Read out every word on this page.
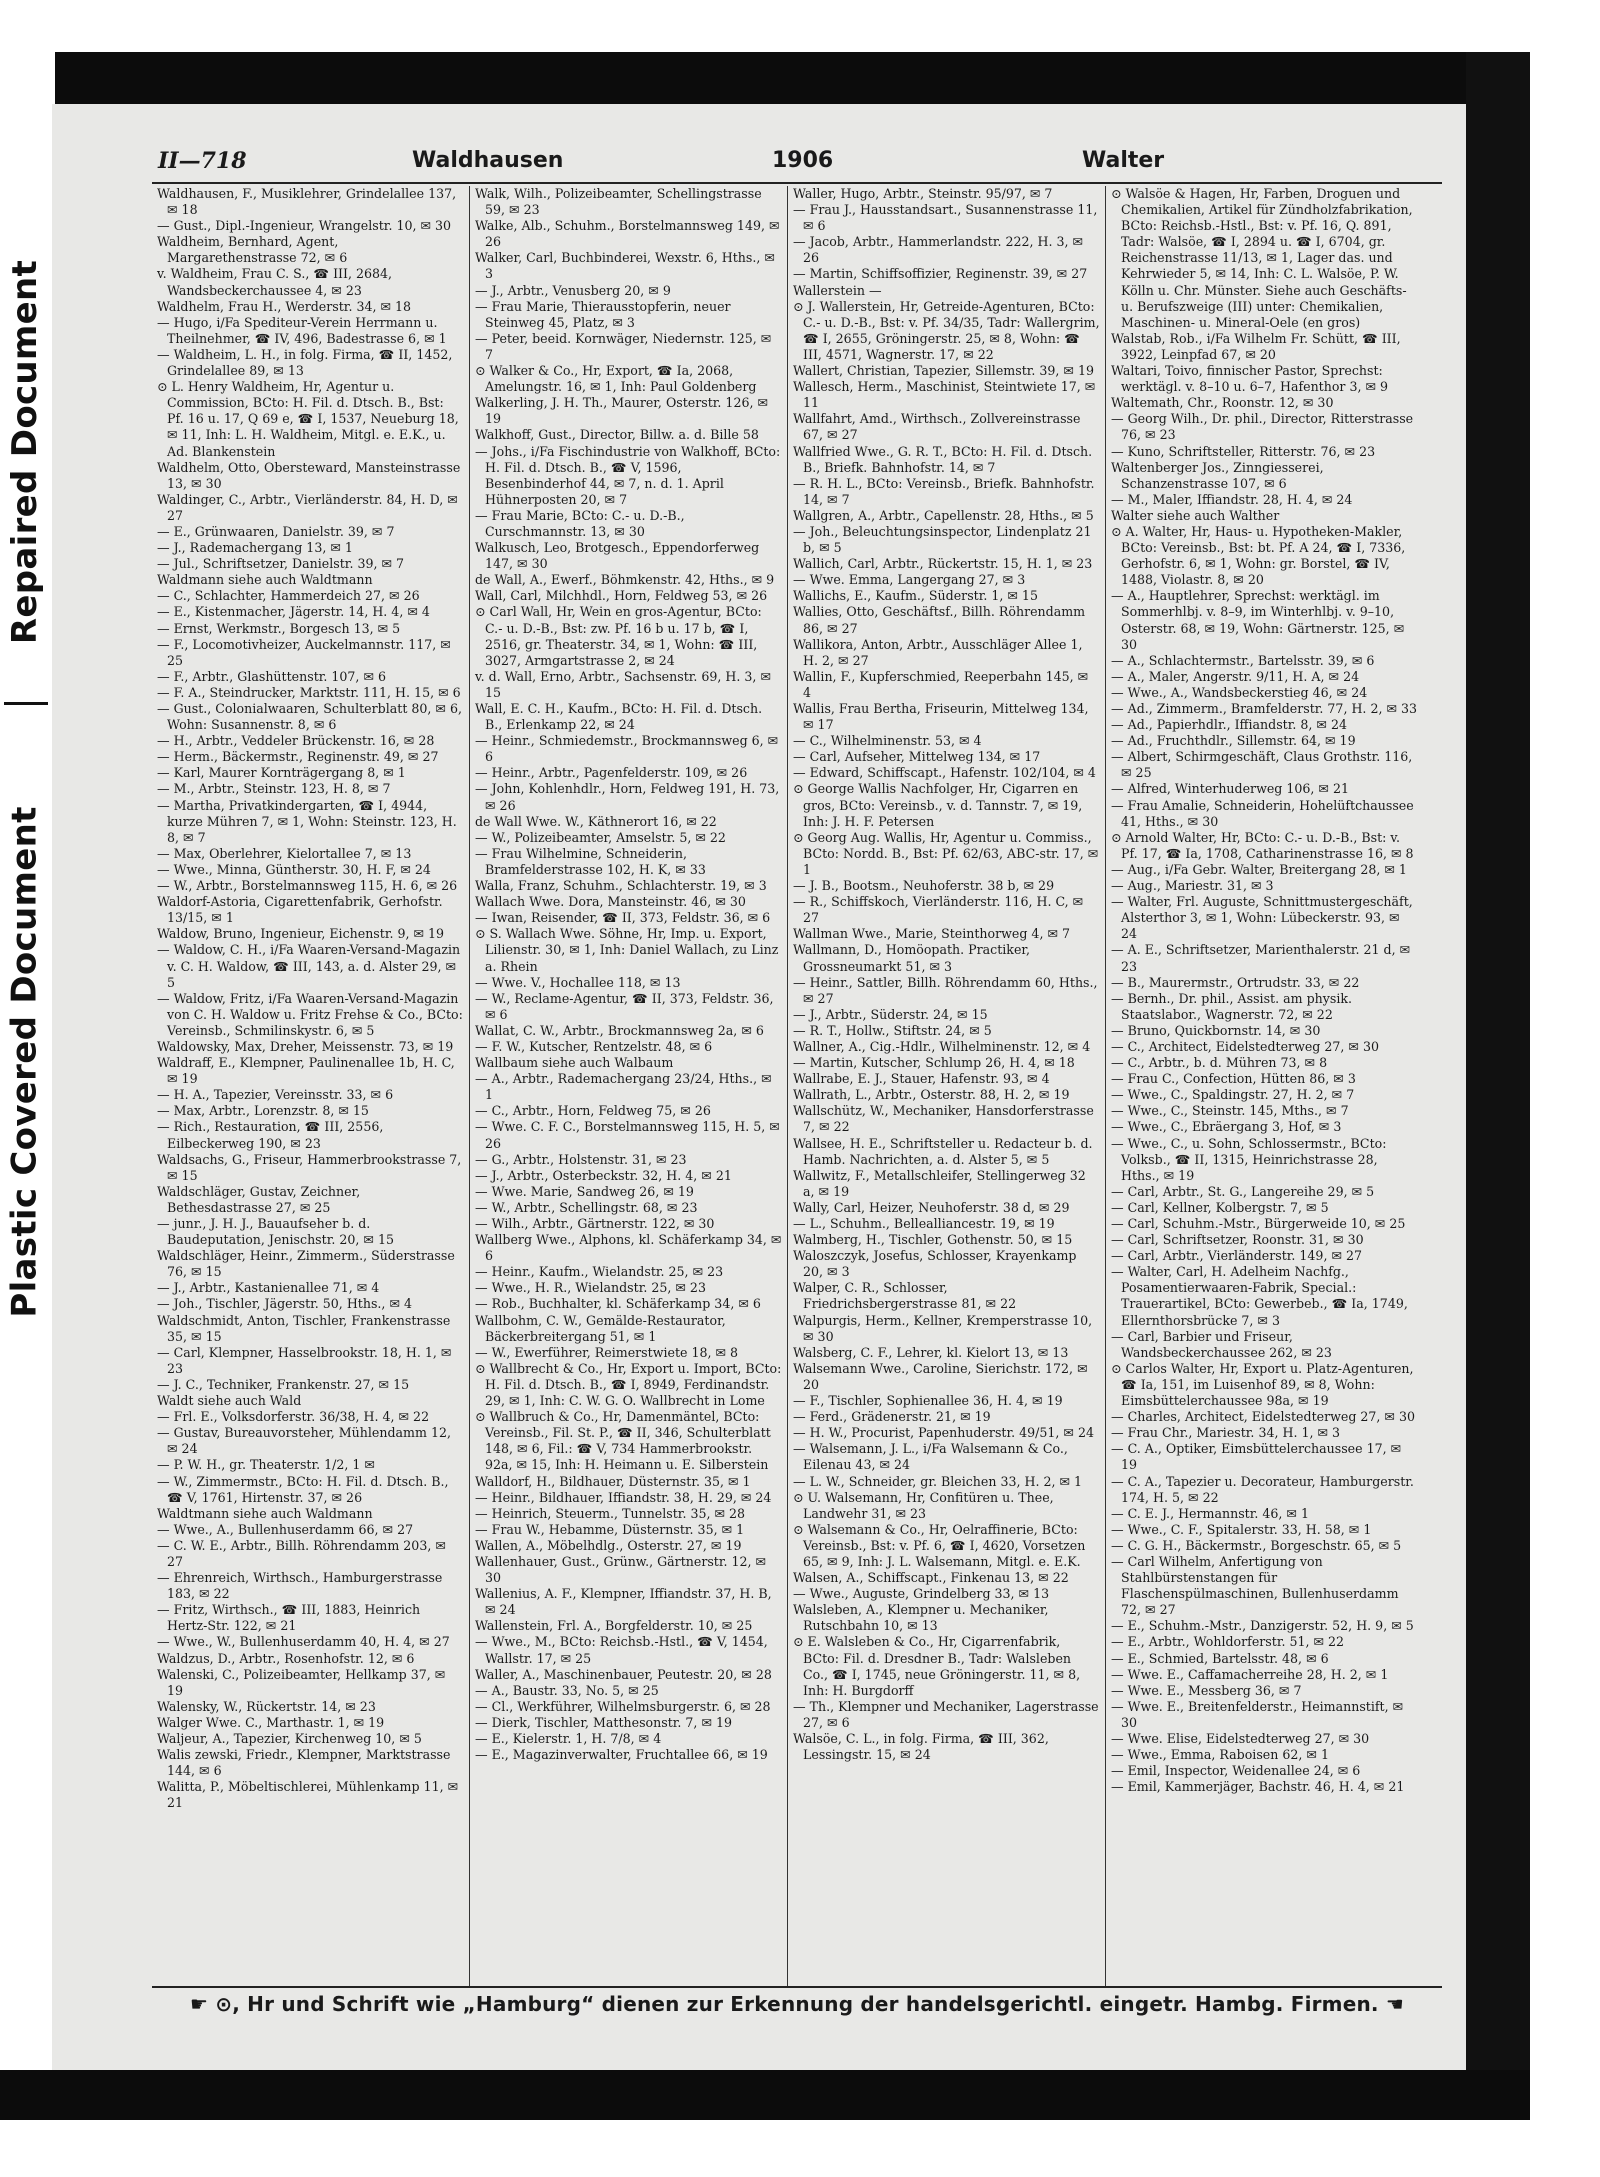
Repaired Document
Plastic Covered Document
II—718	Waldhausen	1906	Walter

Waldhausen, F., Musiklehrer, Grindelallee 137, ✉ 18

— Gust., Dipl.-Ingenieur, Wrangelstr. 10, ✉ 30

Waldheim, Bernhard, Agent, Margarethenstrasse 72, ✉ 6

v. Waldheim, Frau C. S., ☎ III, 2684, Wandsbeckerchaussee 4, ✉ 23

Waldhelm, Frau H., Werderstr. 34, ✉ 18

— Hugo, i/Fa Spediteur-Verein Herrmann u. Theilnehmer, ☎ IV, 496, Badestrasse 6, ✉ 1

— Waldheim, L. H., in folg. Firma, ☎ II, 1452, Grindelallee 89, ✉ 13

⊙ L. Henry Waldheim, Hr, Agentur u. Commission, BCto: H. Fil. d. Dtsch. B., Bst: Pf. 16 u. 17, Q 69 e, ☎ I, 1537, Neueburg 18, ✉ 11, Inh: L. H. Waldheim, Mitgl. e. E.K., u. Ad. Blankenstein

Waldhelm, Otto, Obersteward, Mansteinstrasse 13, ✉ 30

Waldinger, C., Arbtr., Vierländerstr. 84, H. D, ✉ 27

— E., Grünwaaren, Danielstr. 39, ✉ 7

— J., Rademachergang 13, ✉ 1

— Jul., Schriftsetzer, Danielstr. 39, ✉ 7

Waldmann siehe auch Waldtmann

— C., Schlachter, Hammerdeich 27, ✉ 26

— E., Kistenmacher, Jägerstr. 14, H. 4, ✉ 4

— Ernst, Werkmstr., Borgesch 13, ✉ 5

— F., Locomotivheizer, Auckelmannstr. 117, ✉ 25

— F., Arbtr., Glashüttenstr. 107, ✉ 6

— F. A., Steindrucker, Marktstr. 111, H. 15, ✉ 6

— Gust., Colonialwaaren, Schulterblatt 80, ✉ 6, Wohn: Susannenstr. 8, ✉ 6

— H., Arbtr., Veddeler Brückenstr. 16, ✉ 28

— Herm., Bäckermstr., Reginenstr. 49, ✉ 27

— Karl, Maurer Kornträgergang 8, ✉ 1

— M., Arbtr., Steinstr. 123, H. 8, ✉ 7

— Martha, Privatkindergarten, ☎ I, 4944, kurze Mühren 7, ✉ 1, Wohn: Steinstr. 123, H. 8, ✉ 7

— Max, Oberlehrer, Kielortallee 7, ✉ 13

— Wwe., Minna, Güntherstr. 30, H. F, ✉ 24

— W., Arbtr., Borstelmannsweg 115, H. 6, ✉ 26

Waldorf-Astoria, Cigarettenfabrik, Gerhofstr. 13/15, ✉ 1

Waldow, Bruno, Ingenieur, Eichenstr. 9, ✉ 19

— Waldow, C. H., i/Fa Waaren-Versand-Magazin v. C. H. Waldow, ☎ III, 143, a. d. Alster 29, ✉ 5

— Waldow, Fritz, i/Fa Waaren-Versand-Magazin von C. H. Waldow u. Fritz Frehse & Co., BCto: Vereinsb., Schmilinskystr. 6, ✉ 5

Waldowsky, Max, Dreher, Meissenstr. 73, ✉ 19

Waldraff, E., Klempner, Paulinenallee 1b, H. C, ✉ 19

— H. A., Tapezier, Vereinsstr. 33, ✉ 6

— Max, Arbtr., Lorenzstr. 8, ✉ 15

— Rich., Restauration, ☎ III, 2556, Eilbeckerweg 190, ✉ 23

Waldsachs, G., Friseur, Hammerbrookstrasse 7, ✉ 15

Waldschläger, Gustav, Zeichner, Bethesdastrasse 27, ✉ 25

— junr., J. H. J., Bauaufseher b. d. Baudeputation, Jenischstr. 20, ✉ 15

Waldschläger, Heinr., Zimmerm., Süderstrasse 76, ✉ 15

— J., Arbtr., Kastanienallee 71, ✉ 4

— Joh., Tischler, Jägerstr. 50, Hths., ✉ 4

Waldschmidt, Anton, Tischler, Frankenstrasse 35, ✉ 15

— Carl, Klempner, Hasselbrookstr. 18, H. 1, ✉ 23

— J. C., Techniker, Frankenstr. 27, ✉ 15

Waldt siehe auch Wald

— Frl. E., Volksdorferstr. 36/38, H. 4, ✉ 22

— Gustav, Bureauvorsteher, Mühlendamm 12, ✉ 24

— P. W. H., gr. Theaterstr. 1/2, 1 ✉

— W., Zimmermstr., BCto: H. Fil. d. Dtsch. B., ☎ V, 1761, Hirtenstr. 37, ✉ 26

Waldtmann siehe auch Waldmann

— Wwe., A., Bullenhuserdamm 66, ✉ 27

— C. W. E., Arbtr., Billh. Röhrendamm 203, ✉ 27

— Ehrenreich, Wirthsch., Hamburgerstrasse 183, ✉ 22

— Fritz, Wirthsch., ☎ III, 1883, Heinrich Hertz-Str. 122, ✉ 21

— Wwe., W., Bullenhuserdamm 40, H. 4, ✉ 27

Waldzus, D., Arbtr., Rosenhofstr. 12, ✉ 6

Walenski, C., Polizeibeamter, Hellkamp 37, ✉ 19

Walensky, W., Rückertstr. 14, ✉ 23

Walger Wwe. C., Marthastr. 1, ✉ 19

Waljeur, A., Tapezier, Kirchenweg 10, ✉ 5

Walis zewski, Friedr., Klempner, Marktstrasse 144, ✉ 6

Walitta, P., Möbeltischlerei, Mühlenkamp 11, ✉ 21

Walk, Wilh., Polizeibeamter, Schellingstrasse 59, ✉ 23

Walke, Alb., Schuhm., Borstelmannsweg 149, ✉ 26

Walker, Carl, Buchbinderei, Wexstr. 6, Hths., ✉ 3

— J., Arbtr., Venusberg 20, ✉ 9

— Frau Marie, Thierausstopferin, neuer Steinweg 45, Platz, ✉ 3

— Peter, beeid. Kornwäger, Niedernstr. 125, ✉ 7

⊙ Walker & Co., Hr, Export, ☎ Ia, 2068, Amelungstr. 16, ✉ 1, Inh: Paul Goldenberg

Walkerling, J. H. Th., Maurer, Osterstr. 126, ✉ 19

Walkhoff, Gust., Director, Billw. a. d. Bille 58

— Johs., i/Fa Fischindustrie von Walkhoff, BCto: H. Fil. d. Dtsch. B., ☎ V, 1596, Besenbinderhof 44, ✉ 7, n. d. 1. April Hühnerposten 20, ✉ 7

— Frau Marie, BCto: C.- u. D.-B., Curschmannstr. 13, ✉ 30

Walkusch, Leo, Brotgesch., Eppendorferweg 147, ✉ 30

de Wall, A., Ewerf., Böhmkenstr. 42, Hths., ✉ 9

Wall, Carl, Milchhdl., Horn, Feldweg 53, ✉ 26

⊙ Carl Wall, Hr, Wein en gros-Agentur, BCto: C.- u. D.-B., Bst: zw. Pf. 16 b u. 17 b, ☎ I, 2516, gr. Theaterstr. 34, ✉ 1, Wohn: ☎ III, 3027, Armgartstrasse 2, ✉ 24

v. d. Wall, Erno, Arbtr., Sachsenstr. 69, H. 3, ✉ 15

Wall, E. C. H., Kaufm., BCto: H. Fil. d. Dtsch. B., Erlenkamp 22, ✉ 24

— Heinr., Schmiedemstr., Brockmannsweg 6, ✉ 6

— Heinr., Arbtr., Pagenfelderstr. 109, ✉ 26

— John, Kohlenhdlr., Horn, Feldweg 191, H. 73, ✉ 26

de Wall Wwe. W., Käthnerort 16, ✉ 22

— W., Polizeibeamter, Amselstr. 5, ✉ 22

— Frau Wilhelmine, Schneiderin, Bramfelderstrasse 102, H. K, ✉ 33

Walla, Franz, Schuhm., Schlachterstr. 19, ✉ 3

Wallach Wwe. Dora, Mansteinstr. 46, ✉ 30

— Iwan, Reisender, ☎ II, 373, Feldstr. 36, ✉ 6

⊙ S. Wallach Wwe. Söhne, Hr, Imp. u. Export, Lilienstr. 30, ✉ 1, Inh: Daniel Wallach, zu Linz a. Rhein

— Wwe. V., Hochallee 118, ✉ 13

— W., Reclame-Agentur, ☎ II, 373, Feldstr. 36, ✉ 6

Wallat, C. W., Arbtr., Brockmannsweg 2a, ✉ 6

— F. W., Kutscher, Rentzelstr. 48, ✉ 6

Wallbaum siehe auch Walbaum

— A., Arbtr., Rademachergang 23/24, Hths., ✉ 1

— C., Arbtr., Horn, Feldweg 75, ✉ 26

— Wwe. C. F. C., Borstelmannsweg 115, H. 5, ✉ 26

— G., Arbtr., Holstenstr. 31, ✉ 23

— J., Arbtr., Osterbeckstr. 32, H. 4, ✉ 21

— Wwe. Marie, Sandweg 26, ✉ 19

— W., Arbtr., Schellingstr. 68, ✉ 23

— Wilh., Arbtr., Gärtnerstr. 122, ✉ 30

Wallberg Wwe., Alphons, kl. Schäferkamp 34, ✉ 6

— Heinr., Kaufm., Wielandstr. 25, ✉ 23

— Wwe., H. R., Wielandstr. 25, ✉ 23

— Rob., Buchhalter, kl. Schäferkamp 34, ✉ 6

Wallbohm, C. W., Gemälde-Restaurator, Bäckerbreitergang 51, ✉ 1

— W., Ewerführer, Reimerstwiete 18, ✉ 8

⊙ Wallbrecht & Co., Hr, Export u. Import, BCto: H. Fil. d. Dtsch. B., ☎ I, 8949, Ferdinandstr. 29, ✉ 1, Inh: C. W. G. O. Wallbrecht in Lome

⊙ Wallbruch & Co., Hr, Damenmäntel, BCto: Vereinsb., Fil. St. P., ☎ II, 346, Schulterblatt 148, ✉ 6, Fil.: ☎ V, 734 Hammerbrookstr. 92a, ✉ 15, Inh: H. Heimann u. E. Silberstein

Walldorf, H., Bildhauer, Düsternstr. 35, ✉ 1

— Heinr., Bildhauer, Iffiandstr. 38, H. 29, ✉ 24

— Heinrich, Steuerm., Tunnelstr. 35, ✉ 28

— Frau W., Hebamme, Düsternstr. 35, ✉ 1

Wallen, A., Möbelhdlg., Osterstr. 27, ✉ 19

Wallenhauer, Gust., Grünw., Gärtnerstr. 12, ✉ 30

Wallenius, A. F., Klempner, Iffiandstr. 37, H. B, ✉ 24

Wallenstein, Frl. A., Borgfelderstr. 10, ✉ 25

— Wwe., M., BCto: Reichsb.-Hstl., ☎ V, 1454, Wallstr. 17, ✉ 25

Waller, A., Maschinenbauer, Peutestr. 20, ✉ 28

— A., Baustr. 33, No. 5, ✉ 25

— Cl., Werkführer, Wilhelmsburgerstr. 6, ✉ 28

— Dierk, Tischler, Matthesonstr. 7, ✉ 19

— E., Kielerstr. 1, H. 7/8, ✉ 4

— E., Magazinverwalter, Fruchtallee 66, ✉ 19

Waller, Hugo, Arbtr., Steinstr. 95/97, ✉ 7

— Frau J., Hausstandsart., Susannenstrasse 11, ✉ 6

— Jacob, Arbtr., Hammerlandstr. 222, H. 3, ✉ 26

— Martin, Schiffsoffizier, Reginenstr. 39, ✉ 27

Wallerstein —

⊙ J. Wallerstein, Hr, Getreide-Agenturen, BCto: C.- u. D.-B., Bst: v. Pf. 34/35, Tadr: Wallergrim, ☎ I, 2655, Gröningerstr. 25, ✉ 8, Wohn: ☎ III, 4571, Wagnerstr. 17, ✉ 22

Wallert, Christian, Tapezier, Sillemstr. 39, ✉ 19

Wallesch, Herm., Maschinist, Steintwiete 17, ✉ 11

Wallfahrt, Amd., Wirthsch., Zollvereinstrasse 67, ✉ 27

Wallfried Wwe., G. R. T., BCto: H. Fil. d. Dtsch. B., Briefk. Bahnhofstr. 14, ✉ 7

— R. H. L., BCto: Vereinsb., Briefk. Bahnhofstr. 14, ✉ 7

Wallgren, A., Arbtr., Capellenstr. 28, Hths., ✉ 5

— Joh., Beleuchtungsinspector, Lindenplatz 21 b, ✉ 5

Wallich, Carl, Arbtr., Rückertstr. 15, H. 1, ✉ 23

— Wwe. Emma, Langergang 27, ✉ 3

Wallichs, E., Kaufm., Süderstr. 1, ✉ 15

Wallies, Otto, Geschäftsf., Billh. Röhrendamm 86, ✉ 27

Wallikora, Anton, Arbtr., Ausschläger Allee 1, H. 2, ✉ 27

Wallin, F., Kupferschmied, Reeperbahn 145, ✉ 4

Wallis, Frau Bertha, Friseurin, Mittelweg 134, ✉ 17

— C., Wilhelminenstr. 53, ✉ 4

— Carl, Aufseher, Mittelweg 134, ✉ 17

— Edward, Schiffscapt., Hafenstr. 102/104, ✉ 4

⊙ George Wallis Nachfolger, Hr, Cigarren en gros, BCto: Vereinsb., v. d. Tannstr. 7, ✉ 19, Inh: J. H. F. Petersen

⊙ Georg Aug. Wallis, Hr, Agentur u. Commiss., BCto: Nordd. B., Bst: Pf. 62/63, ABC-str. 17, ✉ 1

— J. B., Bootsm., Neuhoferstr. 38 b, ✉ 29

— R., Schiffskoch, Vierländerstr. 116, H. C, ✉ 27

Wallman Wwe., Marie, Steinthorweg 4, ✉ 7

Wallmann, D., Homöopath. Practiker, Grossneumarkt 51, ✉ 3

— Heinr., Sattler, Billh. Röhrendamm 60, Hths., ✉ 27

— J., Arbtr., Süderstr. 24, ✉ 15

— R. T., Hollw., Stiftstr. 24, ✉ 5

Wallner, A., Cig.-Hdlr., Wilhelminenstr. 12, ✉ 4

— Martin, Kutscher, Schlump 26, H. 4, ✉ 18

Wallrabe, E. J., Stauer, Hafenstr. 93, ✉ 4

Wallrath, L., Arbtr., Osterstr. 88, H. 2, ✉ 19

Wallschütz, W., Mechaniker, Hansdorferstrasse 7, ✉ 22

Wallsee, H. E., Schriftsteller u. Redacteur b. d. Hamb. Nachrichten, a. d. Alster 5, ✉ 5

Wallwitz, F., Metallschleifer, Stellingerweg 32 a, ✉ 19

Wally, Carl, Heizer, Neuhoferstr. 38 d, ✉ 29

— L., Schuhm., Bellealliancestr. 19, ✉ 19

Walmberg, H., Tischler, Gothenstr. 50, ✉ 15

Waloszczyk, Josefus, Schlosser, Krayenkamp 20, ✉ 3

Walper, C. R., Schlosser, Friedrichsbergerstrasse 81, ✉ 22

Walpurgis, Herm., Kellner, Kremperstrasse 10, ✉ 30

Walsberg, C. F., Lehrer, kl. Kielort 13, ✉ 13

Walsemann Wwe., Caroline, Sierichstr. 172, ✉ 20

— F., Tischler, Sophienallee 36, H. 4, ✉ 19

— Ferd., Grädenerstr. 21, ✉ 19

— H. W., Procurist, Papenhuderstr. 49/51, ✉ 24

— Walsemann, J. L., i/Fa Walsemann & Co., Eilenau 43, ✉ 24

— L. W., Schneider, gr. Bleichen 33, H. 2, ✉ 1

⊙ U. Walsemann, Hr, Confitüren u. Thee, Landwehr 31, ✉ 23

⊙ Walsemann & Co., Hr, Oelraffinerie, BCto: Vereinsb., Bst: v. Pf. 6, ☎ I, 4620, Vorsetzen 65, ✉ 9, Inh: J. L. Walsemann, Mitgl. e. E.K.

Walsen, A., Schiffscapt., Finkenau 13, ✉ 22

— Wwe., Auguste, Grindelberg 33, ✉ 13

Walsleben, A., Klempner u. Mechaniker, Rutschbahn 10, ✉ 13

⊙ E. Walsleben & Co., Hr, Cigarrenfabrik, BCto: Fil. d. Dresdner B., Tadr: Walsleben Co., ☎ I, 1745, neue Gröningerstr. 11, ✉ 8, Inh: H. Burgdorff

— Th., Klempner und Mechaniker, Lagerstrasse 27, ✉ 6

Walsöe, C. L., in folg. Firma, ☎ III, 362, Lessingstr. 15, ✉ 24

⊙ Walsöe & Hagen, Hr, Farben, Droguen und Chemikalien, Artikel für Zündholzfabrikation, BCto: Reichsb.-Hstl., Bst: v. Pf. 16, Q. 891, Tadr: Walsöe, ☎ I, 2894 u. ☎ I, 6704, gr. Reichenstrasse 11/13, ✉ 1, Lager das. und Kehrwieder 5, ✉ 14, Inh: C. L. Walsöe, P. W. Kölln u. Chr. Münster. Siehe auch Geschäfts- u. Berufszweige (III) unter: Chemikalien, Maschinen- u. Mineral-Oele (en gros)

Walstab, Rob., i/Fa Wilhelm Fr. Schütt, ☎ III, 3922, Leinpfad 67, ✉ 20

Waltari, Toivo, finnischer Pastor, Sprechst: werktägl. v. 8–10 u. 6–7, Hafenthor 3, ✉ 9

Waltemath, Chr., Roonstr. 12, ✉ 30

— Georg Wilh., Dr. phil., Director, Ritterstrasse 76, ✉ 23

— Kuno, Schriftsteller, Ritterstr. 76, ✉ 23

Waltenberger Jos., Zinngiesserei, Schanzenstrasse 107, ✉ 6

— M., Maler, Iffiandstr. 28, H. 4, ✉ 24

Walter siehe auch Walther

⊙ A. Walter, Hr, Haus- u. Hypotheken-Makler, BCto: Vereinsb., Bst: bt. Pf. A 24, ☎ I, 7336, Gerhofstr. 6, ✉ 1, Wohn: gr. Borstel, ☎ IV, 1488, Violastr. 8, ✉ 20

— A., Hauptlehrer, Sprechst: werktägl. im Sommerhlbj. v. 8–9, im Winterhlbj. v. 9–10, Osterstr. 68, ✉ 19, Wohn: Gärtnerstr. 125, ✉ 30

— A., Schlachtermstr., Bartelsstr. 39, ✉ 6

— A., Maler, Angerstr. 9/11, H. A, ✉ 24

— Wwe., A., Wandsbeckerstieg 46, ✉ 24

— Ad., Zimmerm., Bramfelderstr. 77, H. 2, ✉ 33

— Ad., Papierhdlr., Iffiandstr. 8, ✉ 24

— Ad., Fruchthdlr., Sillemstr. 64, ✉ 19

— Albert, Schirmgeschäft, Claus Grothstr. 116, ✉ 25

— Alfred, Winterhuderweg 106, ✉ 21

— Frau Amalie, Schneiderin, Hohelüftchaussee 41, Hths., ✉ 30

⊙ Arnold Walter, Hr, BCto: C.- u. D.-B., Bst: v. Pf. 17, ☎ Ia, 1708, Catharinenstrasse 16, ✉ 8

— Aug., i/Fa Gebr. Walter, Breitergang 28, ✉ 1

— Aug., Mariestr. 31, ✉ 3

— Walter, Frl. Auguste, Schnittmustergeschäft, Alsterthor 3, ✉ 1, Wohn: Lübeckerstr. 93, ✉ 24

— A. E., Schriftsetzer, Marienthalerstr. 21 d, ✉ 23

— B., Maurermstr., Ortrudstr. 33, ✉ 22

— Bernh., Dr. phil., Assist. am physik. Staatslabor., Wagnerstr. 72, ✉ 22

— Bruno, Quickbornstr. 14, ✉ 30

— C., Architect, Eidelstedterweg 27, ✉ 30

— C., Arbtr., b. d. Mühren 73, ✉ 8

— Frau C., Confection, Hütten 86, ✉ 3

— Wwe., C., Spaldingstr. 27, H. 2, ✉ 7

— Wwe., C., Steinstr. 145, Mths., ✉ 7

— Wwe., C., Ebräergang 3, Hof, ✉ 3

— Wwe., C., u. Sohn, Schlossermstr., BCto: Volksb., ☎ II, 1315, Heinrichstrasse 28, Hths., ✉ 19

— Carl, Arbtr., St. G., Langereihe 29, ✉ 5

— Carl, Kellner, Kolbergstr. 7, ✉ 5

— Carl, Schuhm.-Mstr., Bürgerweide 10, ✉ 25

— Carl, Schriftsetzer, Roonstr. 31, ✉ 30

— Carl, Arbtr., Vierländerstr. 149, ✉ 27

— Walter, Carl, H. Adelheim Nachfg., Posamentierwaaren-Fabrik, Special.: Trauerartikel, BCto: Gewerbeb., ☎ Ia, 1749, Ellernthorsbrücke 7, ✉ 3

— Carl, Barbier und Friseur, Wandsbeckerchaussee 262, ✉ 23

⊙ Carlos Walter, Hr, Export u. Platz-Agenturen, ☎ Ia, 151, im Luisenhof 89, ✉ 8, Wohn: Eimsbüttelerchaussee 98a, ✉ 19

— Charles, Architect, Eidelstedterweg 27, ✉ 30

— Frau Chr., Mariestr. 34, H. 1, ✉ 3

— C. A., Optiker, Eimsbüttelerchaussee 17, ✉ 19

— C. A., Tapezier u. Decorateur, Hamburgerstr. 174, H. 5, ✉ 22

— C. E. J., Hermannstr. 46, ✉ 1

— Wwe., C. F., Spitalerstr. 33, H. 58, ✉ 1

— C. G. H., Bäckermstr., Borgeschstr. 65, ✉ 5

— Carl Wilhelm, Anfertigung von Stahlbürstenstangen für Flaschenspülmaschinen, Bullenhuserdamm 72, ✉ 27

— E., Schuhm.-Mstr., Danzigerstr. 52, H. 9, ✉ 5

— E., Arbtr., Wohldorferstr. 51, ✉ 22

— E., Schmied, Bartelsstr. 48, ✉ 6

— Wwe. E., Caffamacherreihe 28, H. 2, ✉ 1

— Wwe. E., Messberg 36, ✉ 7

— Wwe. E., Breitenfelderstr., Heimannstift, ✉ 30

— Wwe. Elise, Eidelstedterweg 27, ✉ 30

— Wwe., Emma, Raboisen 62, ✉ 1

— Emil, Inspector, Weidenallee 24, ✉ 6

— Emil, Kammerjäger, Bachstr. 46, H. 4, ✉ 21

☛ ⊙, Hr und Schrift wie „Hamburg“ dienen zur Erkennung der handelsgerichtl. eingetr. Hambg. Firmen. ☚
